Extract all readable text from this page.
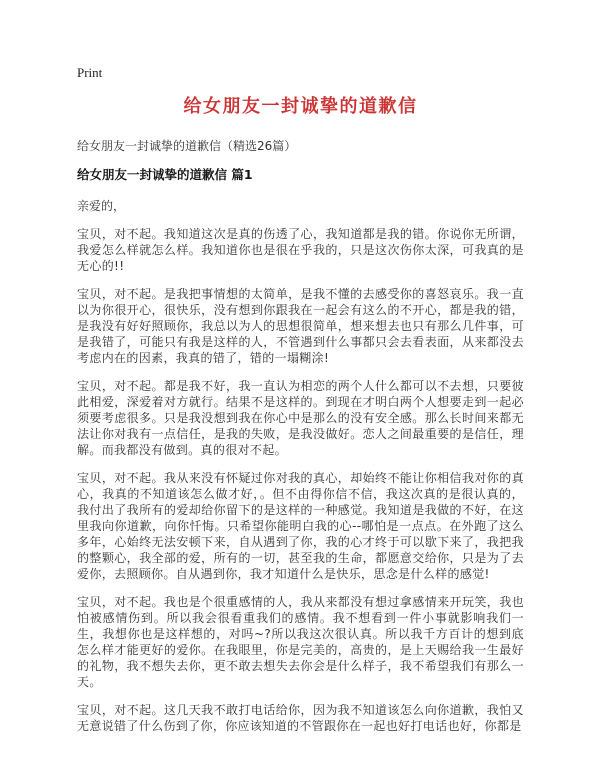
Print
给女朋友一封诚挚的道歉信
给女朋友一封诚挚的道歉信（精选26篇）
给女朋友一封诚挚的道歉信 篇1
亲爱的，

宝贝，对不起。我知道这次是真的伤透了心，我知道都是我的错。你说你无所谓，我爱怎么样就怎么样。我知道你也是很在乎我的，只是这次伤你太深，可我真的是无心的!!

宝贝，对不起。是我把事情想的太简单，是我不懂的去感受你的喜怒哀乐。我一直以为你很开心，很快乐，没有想到你跟我在一起会有这么的不开心，都是我的错，是我没有好好照顾你，我总以为人的思想很简单，想来想去也只有那么几件事，可是我错了，可能只有我是这样的人，不管遇到什么事都只会去看表面，从来都没去考虑内在的因素，我真的错了，错的一塌糊涂!

宝贝，对不起。都是我不好，我一直认为相恋的两个人什么都可以不去想，只要彼此相爱，深爱着对方就行。结果不是这样的。到现在才明白两个人想要走到一起必须要考虑很多。只是我没想到我在你心中是那么的没有安全感。那么长时间来都无法让你对我有一点信任，是我的失败，是我没做好。恋人之间最重要的是信任，理解。而我都没有做到。真的很对不起。

宝贝，对不起。我从来没有怀疑过你对我的真心，却始终不能让你相信我对你的真心，我真的不知道该怎么做才好，。但不由得你信不信，我这次真的是很认真的，我付出了我所有的爱却给你留下的是这样的一种感觉。我知道是我做的不好，在这里我向你道歉，向你忏悔。只希望你能明白我的心--哪怕是一点点。在外跑了这么多年，心始终无法安顿下来，自从遇到了你，我的心才终于可以歇下来了，我把我的整颗心，我全部的爱，所有的一切，甚至我的生命，都愿意交给你，只是为了去爱你，去照顾你。自从遇到你，我才知道什么是快乐，思念是什么样的感觉!

宝贝，对不起。我也是个很重感情的人，我从来都没有想过拿感情来开玩笑，我也怕被感情伤到。所以我会很看重我们的感情。我不想看到一件小事就影响我们一生，我想你也是这样想的，对吗~?所以我这次很认真。所以我千方百计的想到底怎么样才能更好的爱你。在我眼里，你是完美的，高贵的，是上天赐给我一生最好的礼物，我不想失去你，更不敢去想失去你会是什么样子，我不希望我们有那么一天。

宝贝，对不起。这几天我不敢打电话给你，因为我不知道该怎么向你道歉，我怕又无意说错了什么伤到了你，你应该知道的不管跟你在一起也好打电话也好，你都是
